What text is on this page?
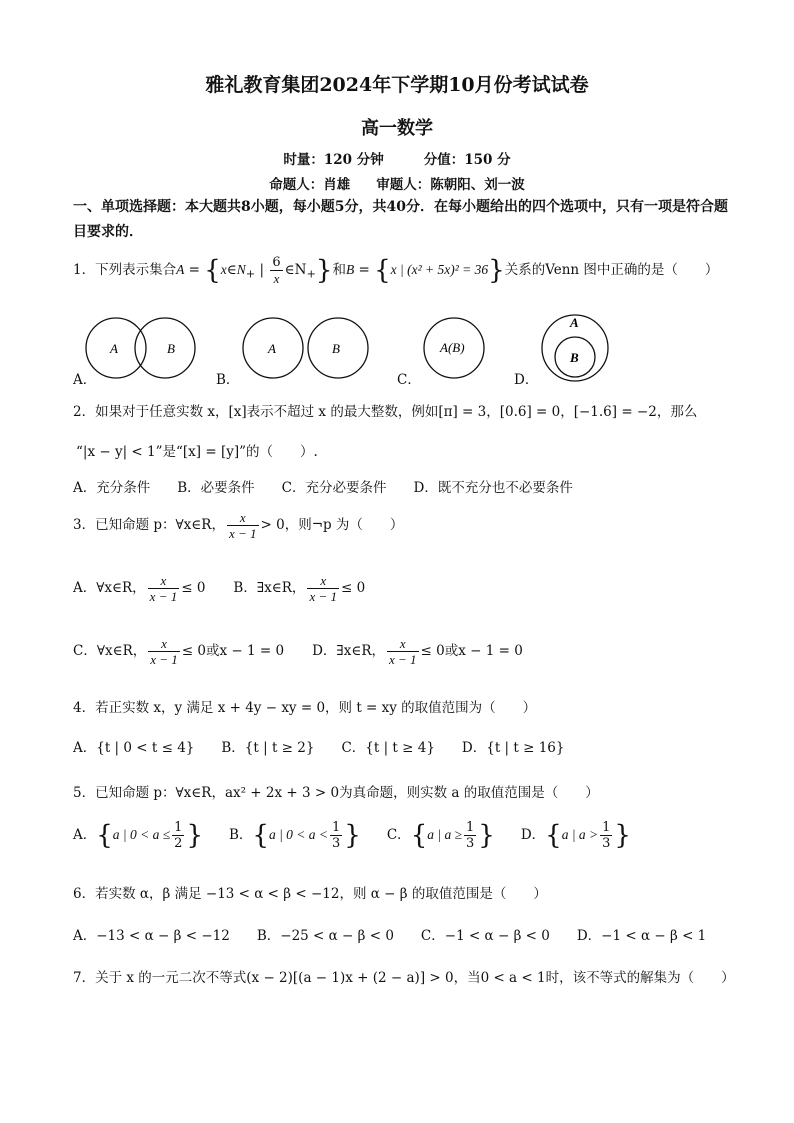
雅礼教育集团2024年下学期10月份考试试卷
高一数学
时量：120 分钟	分值：150 分
命题人：肖雄 审题人：陈朝阳、刘一波
一、单项选择题：本大题共8小题，每小题5分，共40分．在每小题给出的四个选项中，只有一项是符合题目要求的．
1．下列表示集合$A = \{x\in N_+$ | $\frac{6}{x}$ $\in N_+$}和B = {x | (x² + 5x)² = 36}关系的Venn 图中正确的是（　　）
A	B	A	B	A(B)
A
B
A．	B．	C．	D．
2．如果对于任意实数 x，[x]表示不超过 x 的最大整数，例如[π] = 3，[0.6] = 0，[−1.6] = −2，那么
“|x − y| < 1”是“[x] = [y]”的（　　）.
A．充分条件　　B．必要条件　　C．充分必要条件　　D．既不充分也不必要条件
3．已知命题 p：∀x∈R， $\frac{x}{x - 1} > 0$，则¬p 为（　　）
A．∀x∈R， $\frac{x}{x - 1} \le 0$ B．∃x∈R， $\frac{x}{x - 1} \le 0$
C．∀x∈R， $\frac{x}{x - 1} \le 0$或x − 1 = 0 D．∃x∈R， $\frac{x}{x - 1} \le 0$或x − 1 = 0
4．若正实数 x，y 满足 x + 4y − xy = 0，则 t = xy 的取值范围为（　　）
A．{t | 0 < t ≤ 4}　　B．{t | t ≥ 2}　　C．{t | t ≥ 4}　　D．{t | t ≥ 16}
5．已知命题 p：∀x∈R，ax² + 2x + 3 > 0为真命题，则实数 a 的取值范围是（　　）
A．{a | $0 < a \le \frac{1}{2}$ } B．{a | $0 < a < \frac{1}{3}$ } C．{a | $a \ge \frac{1}{3}$ } D．{a | $a > \frac{1}{3}$ }
6．若实数 α，β 满足 −13 < α < β < −12，则 α − β 的取值范围是（　　）
A．−13 < α − β < −12　　B．−25 < α − β < 0　　C．−1 < α − β < 0　　D．−1 < α − β < 1
7．关于 x 的一元二次不等式(x − 2)[(a − 1)x + (2 − a)] > 0，当0 < a < 1时，该不等式的解集为（　　）
